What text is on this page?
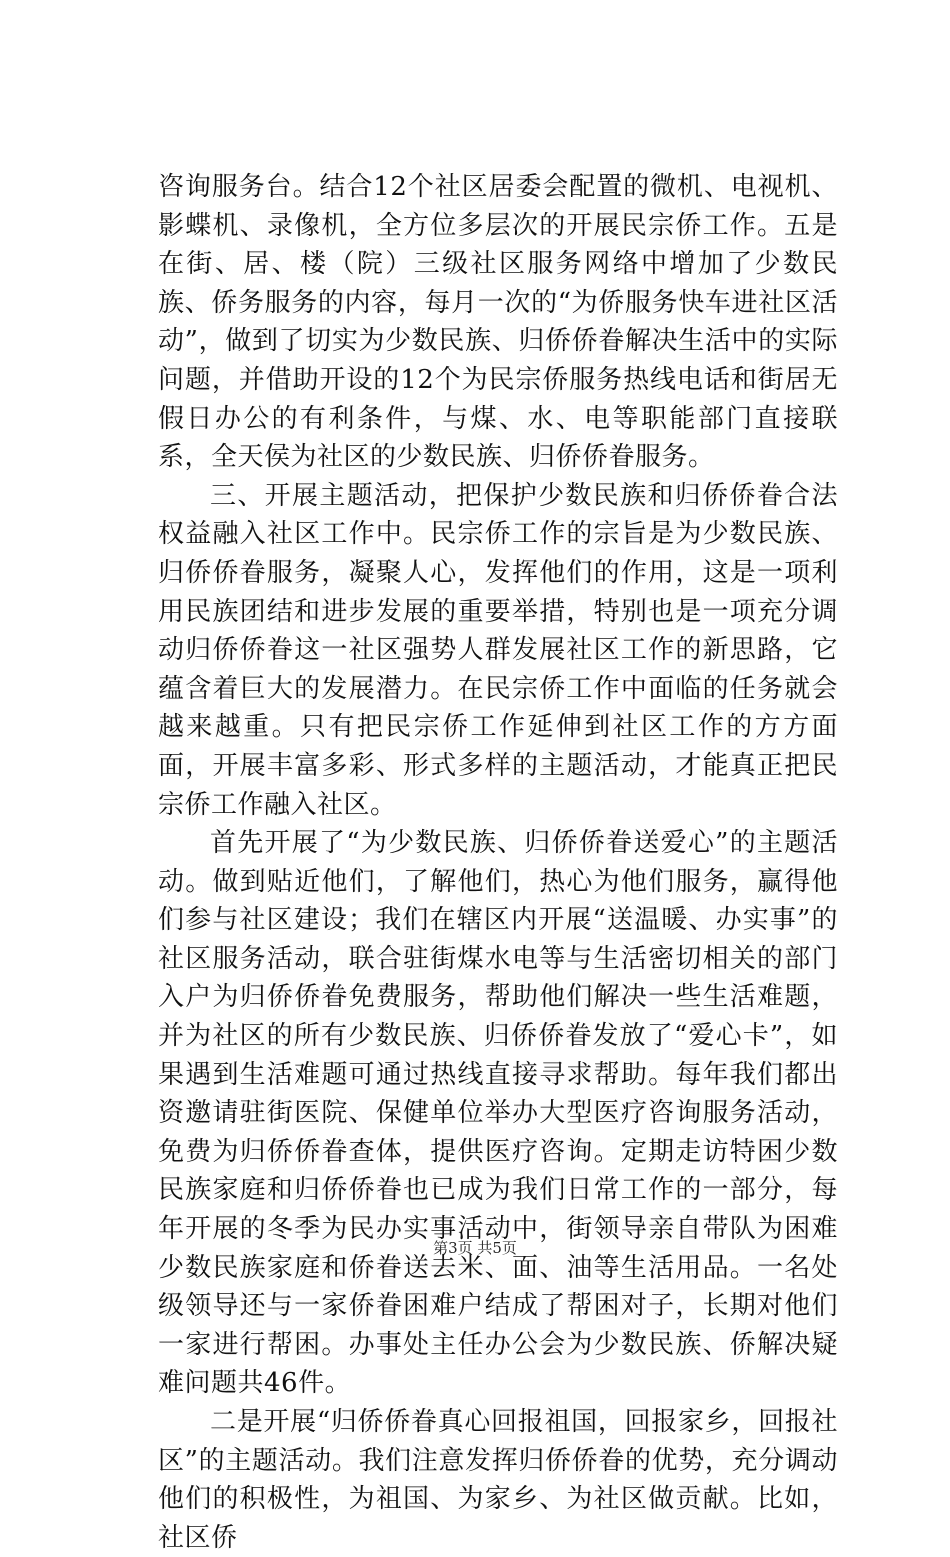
咨询服务台。结合12个社区居委会配置的微机、电视机、影蝶机、录像机，全方位多层次的开展民宗侨工作。五是在街、居、楼（院）三级社区服务网络中增加了少数民族、侨务服务的内容，每月一次的“为侨服务快车进社区活动”，做到了切实为少数民族、归侨侨眷解决生活中的实际问题，并借助开设的12个为民宗侨服务热线电话和街居无假日办公的有利条件，与煤、水、电等职能部门直接联系，全天侯为社区的少数民族、归侨侨眷服务。

三、开展主题活动，把保护少数民族和归侨侨眷合法权益融入社区工作中。民宗侨工作的宗旨是为少数民族、归侨侨眷服务，凝聚人心，发挥他们的作用，这是一项利用民族团结和进步发展的重要举措，特别也是一项充分调动归侨侨眷这一社区强势人群发展社区工作的新思路，它蕴含着巨大的发展潜力。在民宗侨工作中面临的任务就会越来越重。只有把民宗侨工作延伸到社区工作的方方面面，开展丰富多彩、形式多样的主题活动，才能真正把民宗侨工作融入社区。

首先开展了“为少数民族、归侨侨眷送爱心”的主题活动。做到贴近他们，了解他们，热心为他们服务，赢得他们参与社区建设；我们在辖区内开展“送温暖、办实事”的社区服务活动，联合驻街煤水电等与生活密切相关的部门入户为归侨侨眷免费服务，帮助他们解决一些生活难题，并为社区的所有少数民族、归侨侨眷发放了“爱心卡”，如果遇到生活难题可通过热线直接寻求帮助。每年我们都出资邀请驻街医院、保健单位举办大型医疗咨询服务活动，免费为归侨侨眷查体，提供医疗咨询。定期走访特困少数民族家庭和归侨侨眷也已成为我们日常工作的一部分，每年开展的冬季为民办实事活动中，街领导亲自带队为困难少数民族家庭和侨眷送去米、面、油等生活用品。一名处级领导还与一家侨眷困难户结成了帮困对子，长期对他们一家进行帮困。办事处主任办公会为少数民族、侨解决疑难问题共46件。

二是开展“归侨侨眷真心回报祖国，回报家乡，回报社区”的主题活动。我们注意发挥归侨侨眷的优势，充分调动他们的积极性，为祖国、为家乡、为社区做贡献。比如，社区侨

第3页 共5页
